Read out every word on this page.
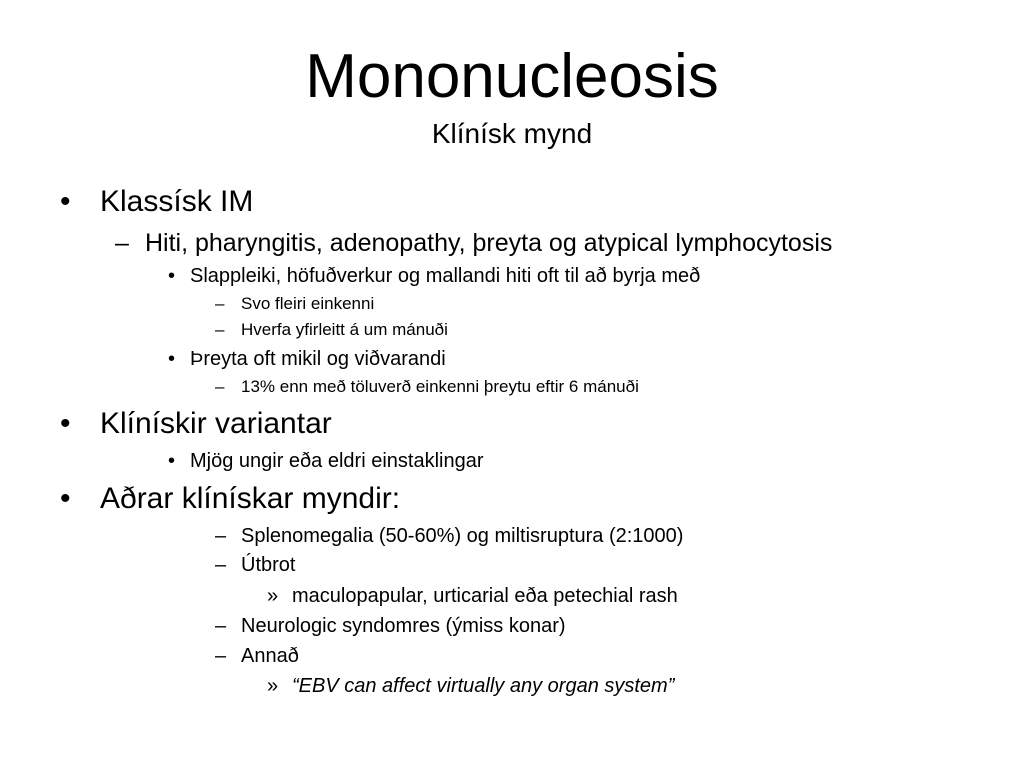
Mononucleosis
Klínísk mynd
• Klassísk IM
– Hiti, pharyngitis, adenopathy, þreyta og atypical lymphocytosis
• Slappleiki, höfuðverkur og mallandi hiti oft til að byrja með
– Svo fleiri einkenni
– Hverfa yfirleitt á um mánuði
• Þreyta oft mikil og viðvarandi
– 13% enn með töluverð einkenni þreytu eftir 6 mánuði
• Klínískir variantar
• Mjög ungir eða eldri einstaklingar
• Aðrar klínískar myndir:
– Splenomegalia (50-60%) og miltisruptura (2:1000)
– Útbrot
» maculopapular, urticarial eða petechial rash
– Neurologic syndomres (ýmiss konar)
– Annað
» “EBV can affect virtually any organ system”
